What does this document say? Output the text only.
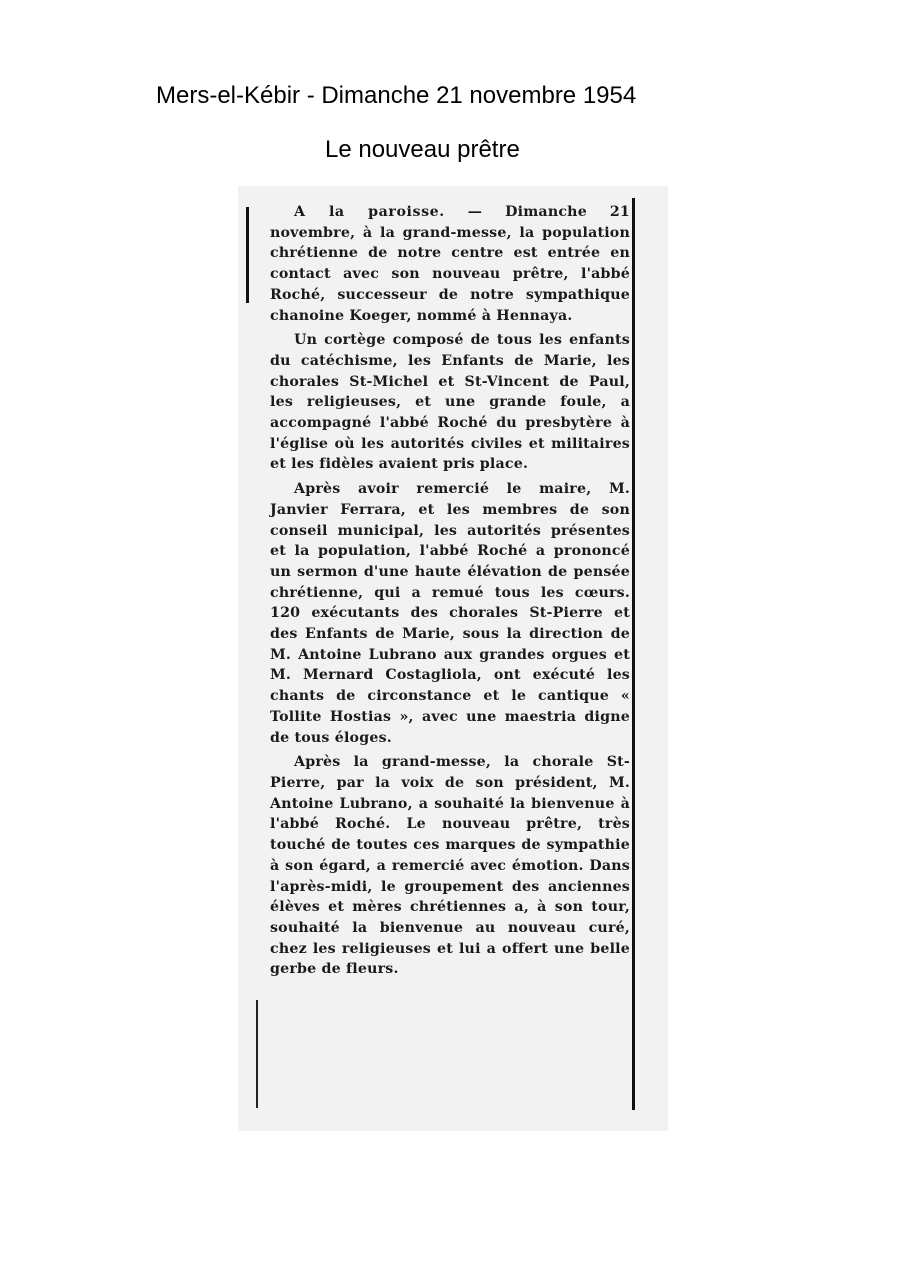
Mers-el-Kébir - Dimanche 21 novembre 1954
Le nouveau prêtre

A la paroisse. — Dimanche 21 novembre, à la grand-messe, la population chrétienne de notre centre est entrée en contact avec son nouveau prêtre, l'abbé Roché, successeur de notre sympathique chanoine Koeger, nommé à Hennaya.

Un cortège composé de tous les enfants du catéchisme, les Enfants de Marie, les chorales St-Michel et St-Vincent de Paul, les religieuses, et une grande foule, a accompagné l'abbé Roché du presbytère à l'église où les autorités civiles et militaires et les fidèles avaient pris place.

Après avoir remercié le maire, M. Janvier Ferrara, et les membres de son conseil municipal, les autorités présentes et la population, l'abbé Roché a prononcé un sermon d'une haute élévation de pensée chrétienne, qui a remué tous les cœurs. 120 exécutants des chorales St-Pierre et des Enfants de Marie, sous la direction de M. Antoine Lubrano aux grandes orgues et M. Mernard Costagliola, ont exécuté les chants de circonstance et le cantique « Tollite Hostias », avec une maestria digne de tous éloges.

Après la grand-messe, la chorale St-Pierre, par la voix de son président, M. Antoine Lubrano, a souhaité la bienvenue à l'abbé Roché. Le nouveau prêtre, très touché de toutes ces marques de sympathie à son égard, a remercié avec émotion. Dans l'après-midi, le groupement des anciennes élèves et mères chrétiennes a, à son tour, souhaité la bienvenue au nouveau curé, chez les religieuses et lui a offert une belle gerbe de fleurs.
